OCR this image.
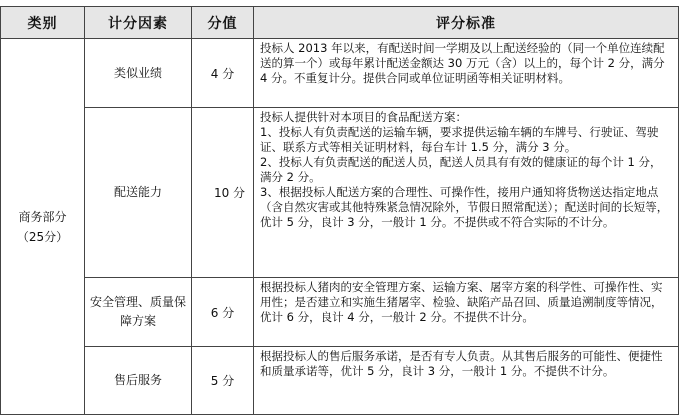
类别	计分因素	分值	评分标准

商务部分
（25分）	类似业绩	4 分	投标人 2013 年以来，有配送时间一学期及以上配送经验的（同一个单位连续配送的算一个）或每年累计配送金额达 30 万元（含）以上的，每个计 2 分，满分 4 分。不重复计分。提供合同或单位证明函等相关证明材料。

	配送能力	10 分	投标人提供针对本项目的食品配送方案：
1、投标人有负责配送的运输车辆，要求提供运输车辆的车牌号、行驶证、驾驶证、联系方式等相关证明材料，每台车计 1.5 分，满分 3 分。
2、投标人有负责配送的配送人员，配送人员具有有效的健康证的每个计 1 分，满分 2 分。
3、根据投标人配送方案的合理性、可操作性，接用户通知将货物送达指定地点（含自然灾害或其他特殊紧急情况除外，节假日照常配送）；配送时间的长短等，优计 5 分，良计 3 分，一般计 1 分。不提供或不符合实际的不计分。

	安全管理、质量保障方案	6 分	根据投标人猪肉的安全管理方案、运输方案、屠宰方案的科学性、可操作性、实用性；是否建立和实施生猪屠宰、检验、缺陷产品召回、质量追溯制度等情况，优计 6 分，良计 4 分，一般计 2 分。不提供不计分。

	售后服务	5 分	根据投标人的售后服务承诺，是否有专人负责。从其售后服务的可能性、便捷性和质量承诺等，优计 5 分，良计 3 分，一般计 1 分。不提供不计分。
